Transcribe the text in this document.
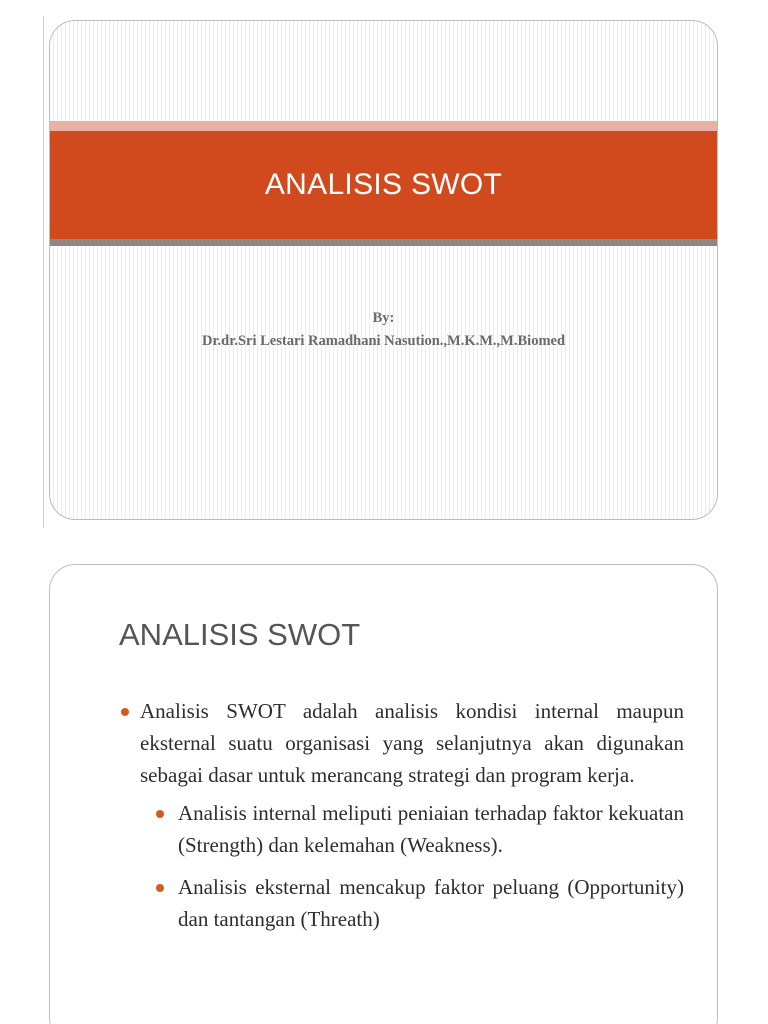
ANALISIS SWOT
By:
Dr.dr.Sri Lestari Ramadhani Nasution.,M.K.M.,M.Biomed
ANALISIS SWOT
Analisis SWOT adalah analisis kondisi internal maupun eksternal suatu organisasi yang selanjutnya akan digunakan sebagai dasar untuk merancang strategi dan program kerja.
Analisis internal meliputi peniaian terhadap faktor kekuatan (Strength) dan kelemahan (Weakness).
Analisis eksternal mencakup faktor peluang (Opportunity) dan tantangan (Threath)
